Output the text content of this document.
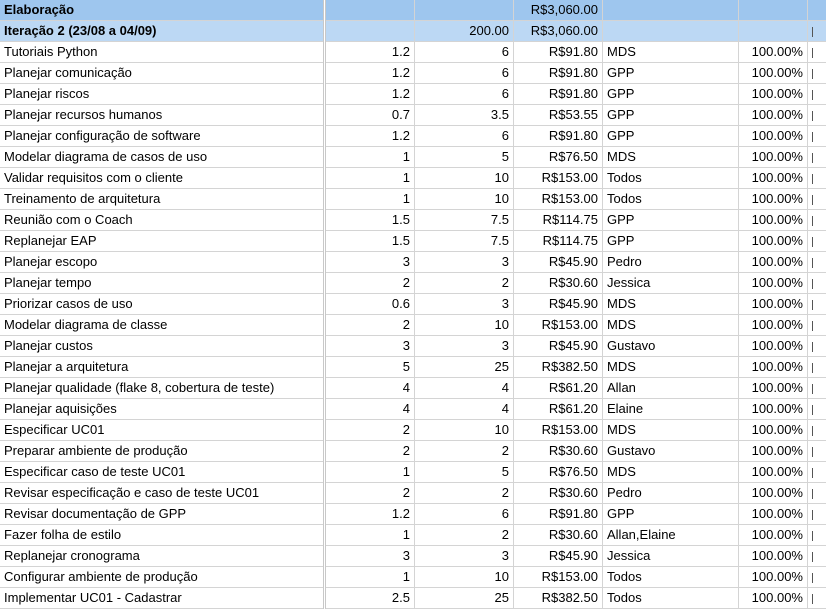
Elaboração			R$3,060.00			
Iteração 2 (23/08 a 04/09)		200.00	R$3,060.00			
Tutoriais Python	1.2	6	R$91.80	MDS	100.00%	
Planejar comunicação	1.2	6	R$91.80	GPP	100.00%	
Planejar riscos	1.2	6	R$91.80	GPP	100.00%	
Planejar recursos humanos	0.7	3.5	R$53.55	GPP	100.00%	
Planejar configuração de software	1.2	6	R$91.80	GPP	100.00%	
Modelar diagrama de casos de uso	1	5	R$76.50	MDS	100.00%	
Validar requisitos com o cliente	1	10	R$153.00	Todos	100.00%	
Treinamento de arquitetura	1	10	R$153.00	Todos	100.00%	
Reunião com o Coach	1.5	7.5	R$114.75	GPP	100.00%	
Replanejar EAP	1.5	7.5	R$114.75	GPP	100.00%	
Planejar escopo	3	3	R$45.90	Pedro	100.00%	
Planejar tempo	2	2	R$30.60	Jessica	100.00%	
Priorizar casos de uso	0.6	3	R$45.90	MDS	100.00%	
Modelar diagrama de classe	2	10	R$153.00	MDS	100.00%	
Planejar custos	3	3	R$45.90	Gustavo	100.00%	
Planejar a arquitetura	5	25	R$382.50	MDS	100.00%	
Planejar qualidade (flake 8, cobertura de teste)	4	4	R$61.20	Allan	100.00%	
Planejar aquisições	4	4	R$61.20	Elaine	100.00%	
Especificar UC01	2	10	R$153.00	MDS	100.00%	
Preparar ambiente de produção	2	2	R$30.60	Gustavo	100.00%	
Especificar caso de teste UC01	1	5	R$76.50	MDS	100.00%	
Revisar especificação e caso de teste UC01	2	2	R$30.60	Pedro	100.00%	
Revisar documentação de GPP	1.2	6	R$91.80	GPP	100.00%	
Fazer folha de estilo	1	2	R$30.60	Allan,Elaine	100.00%	
Replanejar cronograma	3	3	R$45.90	Jessica	100.00%	
Configurar ambiente de produção	1	10	R$153.00	Todos	100.00%	
Implementar UC01 - Cadastrar	2.5	25	R$382.50	Todos	100.00%	
